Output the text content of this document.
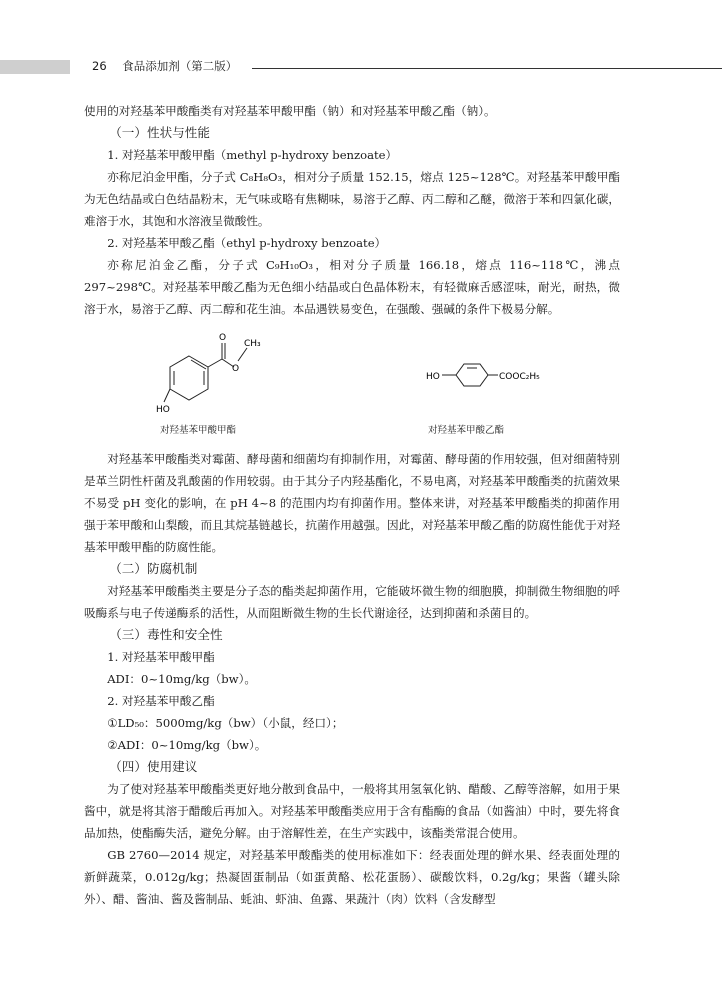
26 食品添加剂（第二版）

使用的对羟基苯甲酸酯类有对羟基苯甲酸甲酯（钠）和对羟基苯甲酸乙酯（钠）。

（一）性状与性能

1. 对羟基苯甲酸甲酯（methyl p-hydroxy benzoate）

亦称尼泊金甲酯，分子式 C₈H₈O₃，相对分子质量 152.15，熔点 125~128℃。对羟基苯甲酸甲酯为无色结晶或白色结晶粉末，无气味或略有焦糊味，易溶于乙醇、丙二醇和乙醚，微溶于苯和四氯化碳，难溶于水，其饱和水溶液呈微酸性。

2. 对羟基苯甲酸乙酯（ethyl p-hydroxy benzoate）

亦称尼泊金乙酯，分子式 C₉H₁₀O₃，相对分子质量 166.18，熔点 116~118℃，沸点 297~298℃。对羟基苯甲酸乙酯为无色细小结晶或白色晶体粉末，有轻微麻舌感涩味，耐光，耐热，微溶于水，易溶于乙醇、丙二醇和花生油。本品遇铁易变色，在强酸、强碱的条件下极易分解。

O
O
CH₃
HO
HO	COOC₂H₅
对羟基苯甲酸甲酯	对羟基苯甲酸乙酯

对羟基苯甲酸酯类对霉菌、酵母菌和细菌均有抑制作用，对霉菌、酵母菌的作用较强，但对细菌特别是革兰阴性杆菌及乳酸菌的作用较弱。由于其分子内羟基酯化，不易电离，对羟基苯甲酸酯类的抗菌效果不易受 pH 变化的影响，在 pH 4~8 的范围内均有抑菌作用。整体来讲，对羟基苯甲酸酯类的抑菌作用强于苯甲酸和山梨酸，而且其烷基链越长，抗菌作用越强。因此，对羟基苯甲酸乙酯的防腐性能优于对羟基苯甲酸甲酯的防腐性能。

（二）防腐机制

对羟基苯甲酸酯类主要是分子态的酯类起抑菌作用，它能破坏微生物的细胞膜，抑制微生物细胞的呼吸酶系与电子传递酶系的活性，从而阻断微生物的生长代谢途径，达到抑菌和杀菌目的。

（三）毒性和安全性

1. 对羟基苯甲酸甲酯

ADI：0~10mg/kg（bw）。

2. 对羟基苯甲酸乙酯

①LD₅₀：5000mg/kg（bw）（小鼠，经口）；

②ADI：0~10mg/kg（bw）。

（四）使用建议

为了使对羟基苯甲酸酯类更好地分散到食品中，一般将其用氢氧化钠、醋酸、乙醇等溶解，如用于果酱中，就是将其溶于醋酸后再加入。对羟基苯甲酸酯类应用于含有酯酶的食品（如酱油）中时，要先将食品加热，使酯酶失活，避免分解。由于溶解性差，在生产实践中，该酯类常混合使用。

GB 2760—2014 规定，对羟基苯甲酸酯类的使用标准如下：经表面处理的鲜水果、经表面处理的新鲜蔬菜，0.012g/kg；热凝固蛋制品（如蛋黄酪、松花蛋肠）、碳酸饮料，0.2g/kg；果酱（罐头除外）、醋、酱油、酱及酱制品、蚝油、虾油、鱼露、果蔬汁（肉）饮料（含发酵型
